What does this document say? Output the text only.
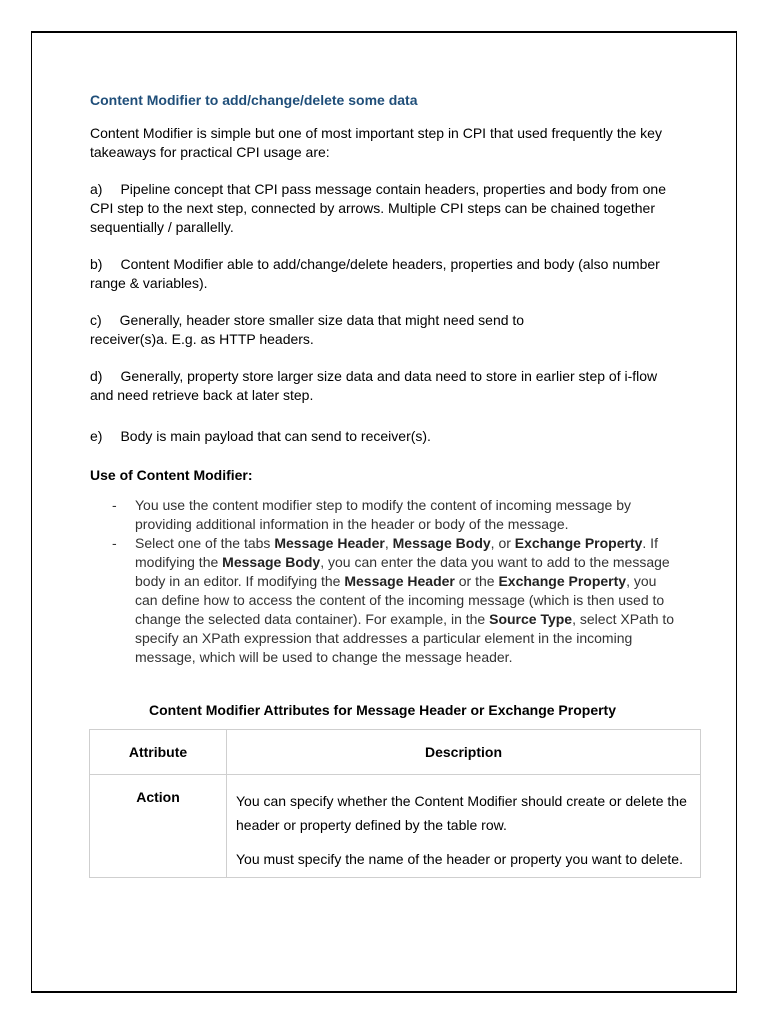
Content Modifier to add/change/delete some data

Content Modifier is simple but one of most important step in CPI that used frequently the key takeaways for practical CPI usage are:

a) Pipeline concept that CPI pass message contain headers, properties and body from one CPI step to the next step, connected by arrows. Multiple CPI steps can be chained together sequentially / parallelly.

b) Content Modifier able to add/change/delete headers, properties and body (also number range & variables).

c) Generally, header store smaller size data that might need send to receiver(s)a. E.g. as HTTP headers.

d) Generally, property store larger size data and data need to store in earlier step of i-flow and need retrieve back at later step.

e) Body is main payload that can send to receiver(s).

Use of Content Modifier:
- You use the content modifier step to modify the content of incoming message by providing additional information in the header or body of the message.
- Select one of the tabs Message Header, Message Body, or Exchange Property. If modifying the Message Body, you can enter the data you want to add to the message body in an editor. If modifying the Message Header or the Exchange Property, you can define how to access the content of the incoming message (which is then used to change the selected data container). For example, in the Source Type, select XPath to specify an XPath expression that addresses a particular element in the incoming message, which will be used to change the message header.
Content Modifier Attributes for Message Header or Exchange Property
Attribute	Description
Action	You can specify whether the Content Modifier should create or delete the header or property defined by the table row.

You must specify the name of the header or property you want to delete.
